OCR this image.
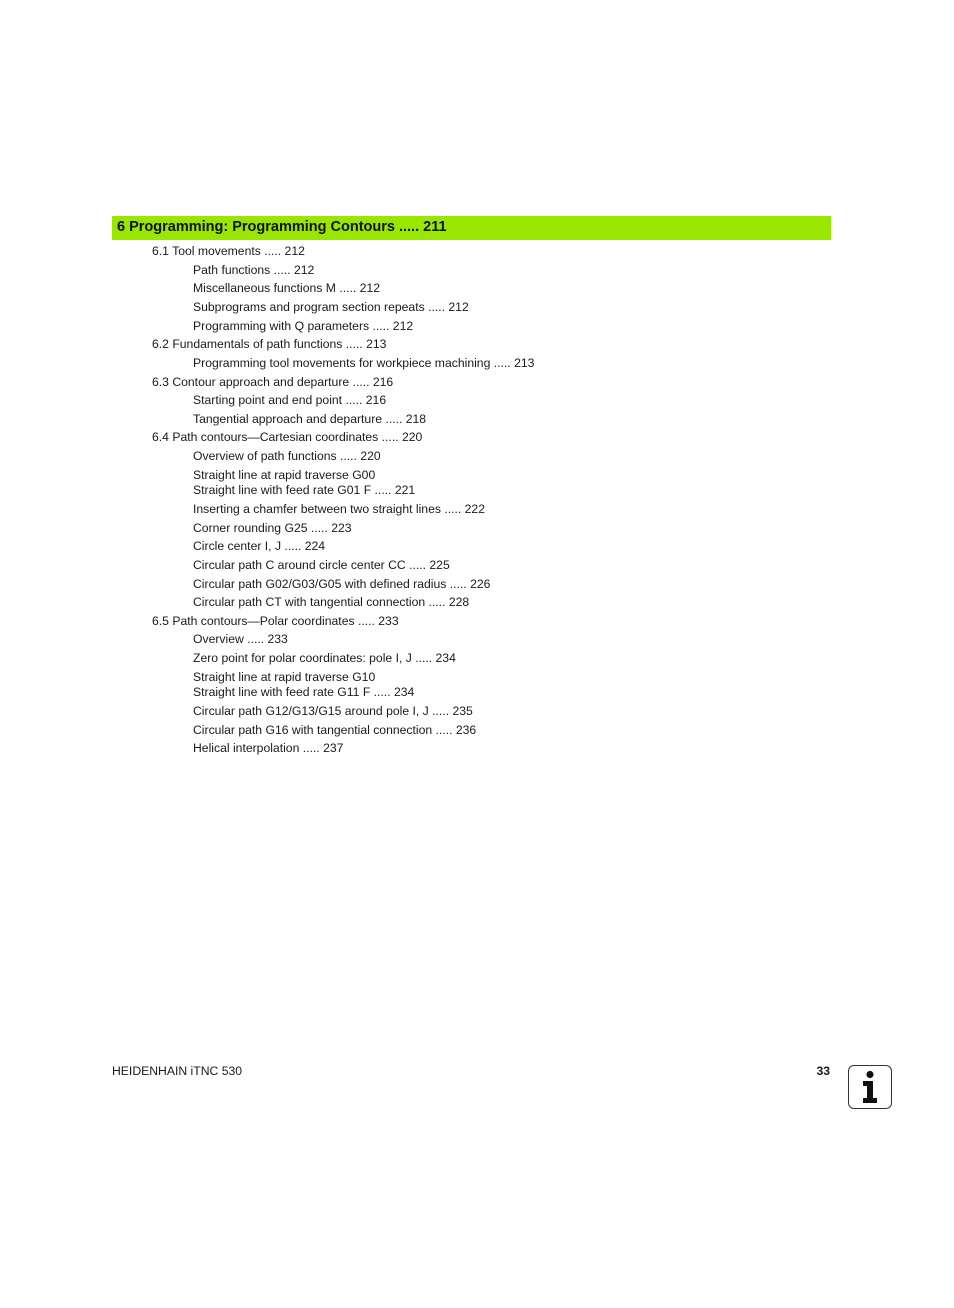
6 Programming: Programming Contours ..... 211
6.1 Tool movements ..... 212
Path functions ..... 212
Miscellaneous functions M ..... 212
Subprograms and program section repeats ..... 212
Programming with Q parameters ..... 212
6.2 Fundamentals of path functions ..... 213
Programming tool movements for workpiece machining ..... 213
6.3 Contour approach and departure ..... 216
Starting point and end point ..... 216
Tangential approach and departure ..... 218
6.4 Path contours—Cartesian coordinates ..... 220
Overview of path functions ..... 220
Straight line at rapid traverse G00
Straight line with feed rate G01 F ..... 221
Inserting a chamfer between two straight lines ..... 222
Corner rounding G25 ..... 223
Circle center I, J ..... 224
Circular path C around circle center CC ..... 225
Circular path G02/G03/G05 with defined radius ..... 226
Circular path CT with tangential connection ..... 228
6.5 Path contours—Polar coordinates ..... 233
Overview ..... 233
Zero point for polar coordinates: pole I, J ..... 234
Straight line at rapid traverse G10
Straight line with feed rate G11 F ..... 234
Circular path G12/G13/G15 around pole I, J ..... 235
Circular path G16 with tangential connection ..... 236
Helical interpolation ..... 237
HEIDENHAIN iTNC 530	33
